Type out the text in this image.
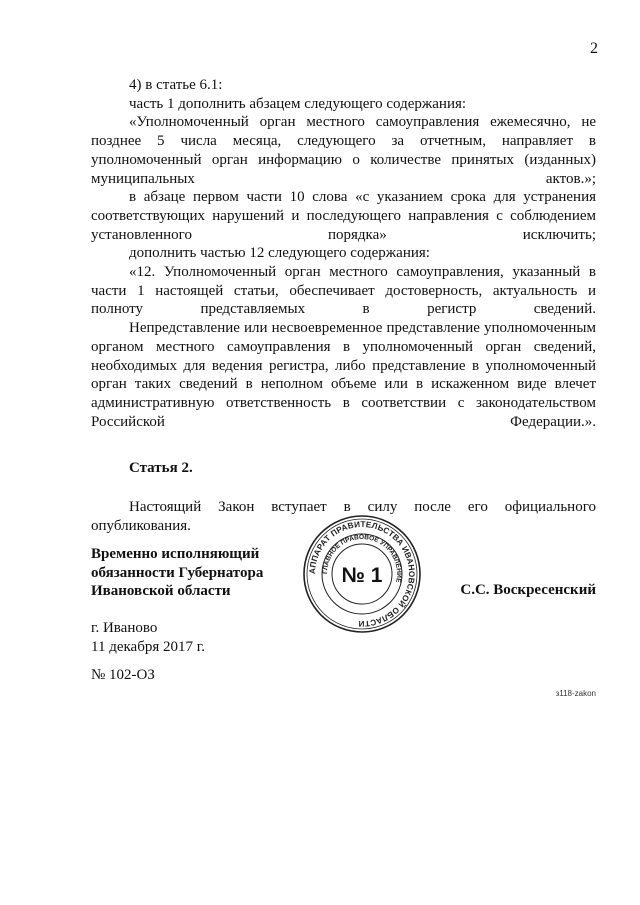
2

4) в статье 6.1:

часть 1 дополнить абзацем следующего содержания:

«Уполномоченный орган местного самоуправления ежемесячно, не позднее 5 числа месяца, следующего за отчетным, направляет в уполномоченный орган информацию о количестве принятых (изданных) муниципальных актов.»;

в абзаце первом части 10 слова «с указанием срока для устранения соответствующих нарушений и последующего направления с соблюдением установленного порядка» исключить;

дополнить частью 12 следующего содержания:

«12. Уполномоченный орган местного самоуправления, указанный в части 1 настоящей статьи, обеспечивает достоверность, актуальность и полноту представляемых в регистр сведений.

Непредставление или несвоевременное представление уполномоченным органом местного самоуправления в уполномоченный орган сведений, необходимых для ведения регистра, либо представление в уполномоченный орган таких сведений в неполном объеме или в искаженном виде влечет административную ответственность в соответствии с законодательством Российской Федерации.».

Статья 2.

Настоящий Закон вступает в силу после его официального опубликования.

Временно исполняющий
обязанности Губернатора
Ивановской области
АППАРАТ ПРАВИТЕЛЬСТВА ИВАНОВСКОЙ ОБЛАСТИ
ГЛАВНОЕ ПРАВОВОЕ УПРАВЛЕНИЕ
№ 1
С.С. Воскресенский
г. Иваново
11 декабря 2017 г.
№ 102-ОЗ
з118-zakon
